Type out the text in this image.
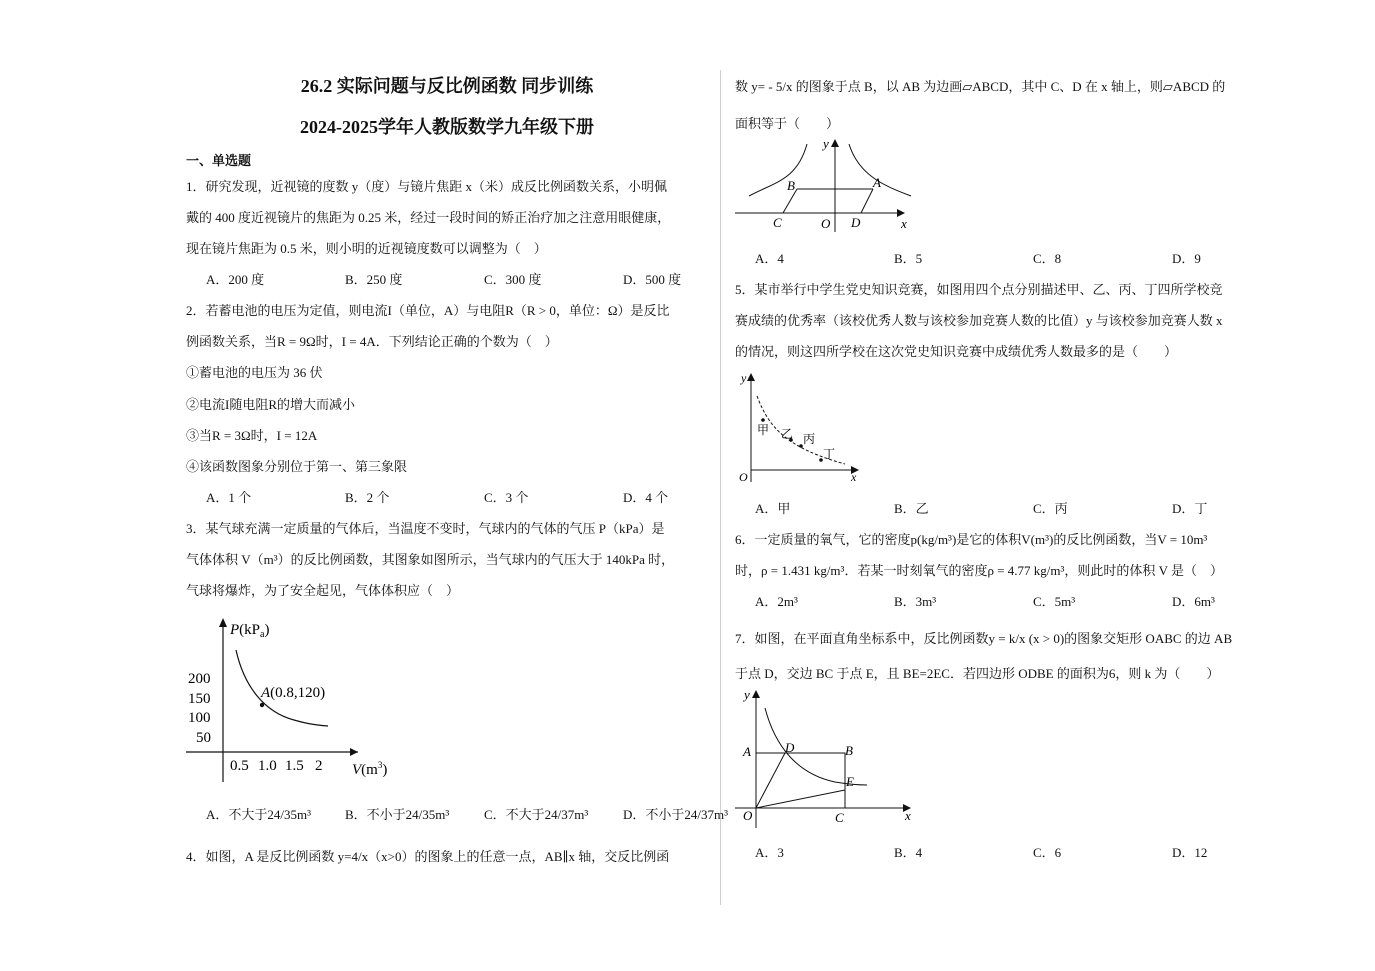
26.2 实际问题与反比例函数 同步训练
2024-2025学年人教版数学九年级下册
一、单选题
1．研究发现，近视镜的度数 y（度）与镜片焦距 x（米）成反比例函数关系，小明佩
戴的 400 度近视镜片的焦距为 0.25 米，经过一段时间的矫正治疗加之注意用眼健康，
现在镜片焦距为 0.5 米，则小明的近视镜度数可以调整为（　）
A．200 度	B．250 度	C．300 度	D．500 度
2．若蓄电池的电压为定值，则电流I（单位，A）与电阻R（R > 0，单位：Ω）是反比
例函数关系，当R = 9Ω时，I = 4A．下列结论正确的个数为（　）
①蓄电池的电压为 36 伏
②电流I随电阻R的增大而减小
③当R = 3Ω时，I = 12A
④该函数图象分别位于第一、第三象限
A．1 个	B．2 个	C．3 个	D．4 个
3．某气球充满一定质量的气体后，当温度不变时，气球内的气体的气压 P（kPa）是
气体体积 V（m³）的反比例函数，其图象如图所示，当气球内的气压大于 140kPa 时，
气球将爆炸，为了安全起见，气体体积应（　）
$P(kP_a)$
200
150
100
50
0.5 1.0 1.5 2 $V(m^3)$
A(0.8,120)
A．不大于24/35m³	B．不小于24/35m³	C．不大于24/37m³	D．不小于24/37m³
4．如图，A 是反比例函数 y=4/x（x>0）的图象上的任意一点，AB∥x 轴，交反比例函
数 y= - 5/x 的图象于点 B，以 AB 为边画▱ABCD，其中 C、D 在 x 轴上，则▱ABCD 的
面积等于（　　）
y
x
O
B	A
C	D
A．4	B．5	C．8	D．9
5．某市举行中学生党史知识竞赛，如图用四个点分别描述甲、乙、丙、丁四所学校竞
赛成绩的优秀率（该校优秀人数与该校参加竞赛人数的比值）y 与该校参加竞赛人数 x
的情况，则这四所学校在这次党史知识竞赛中成绩优秀人数最多的是（　　）
y
x
O
甲 乙 丙
丁
A．甲	B．乙	C．丙	D．丁
6．一定质量的氧气，它的密度p(kg/m³)是它的体积V(m³)的反比例函数，当V = 10m³
时，ρ = 1.431 kg/m³．若某一时刻氧气的密度ρ = 4.77 kg/m³，则此时的体积 V 是（　）
A．2m³	B．3m³	C．5m³	D．6m³
7．如图，在平面直角坐标系中，反比例函数y = k/x (x > 0)的图象交矩形 OABC 的边 AB
于点 D，交边 BC 于点 E，且 BE=2EC．若四边形 ODBE 的面积为6，则 k 为（　　）
y
x
O
A	D	B
E
C
A．3	B．4	C．6	D．12
